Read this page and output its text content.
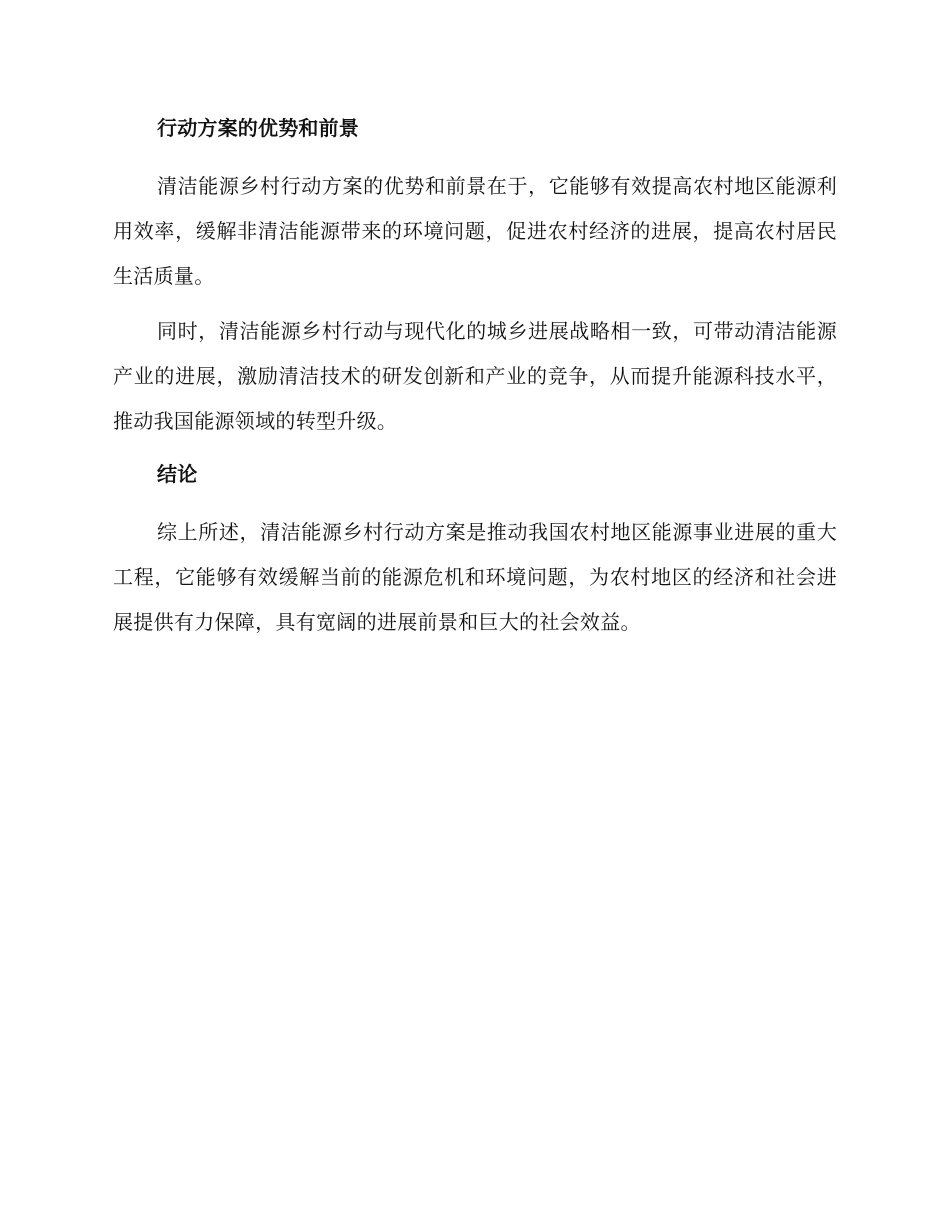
行动方案的优势和前景

清洁能源乡村行动方案的优势和前景在于，它能够有效提高农村地区能源利用效率，缓解非清洁能源带来的环境问题，促进农村经济的进展，提高农村居民生活质量。

同时，清洁能源乡村行动与现代化的城乡进展战略相一致，可带动清洁能源产业的进展，激励清洁技术的研发创新和产业的竞争，从而提升能源科技水平，推动我国能源领域的转型升级。

结论

综上所述，清洁能源乡村行动方案是推动我国农村地区能源事业进展的重大工程，它能够有效缓解当前的能源危机和环境问题，为农村地区的经济和社会进展提供有力保障，具有宽阔的进展前景和巨大的社会效益。
